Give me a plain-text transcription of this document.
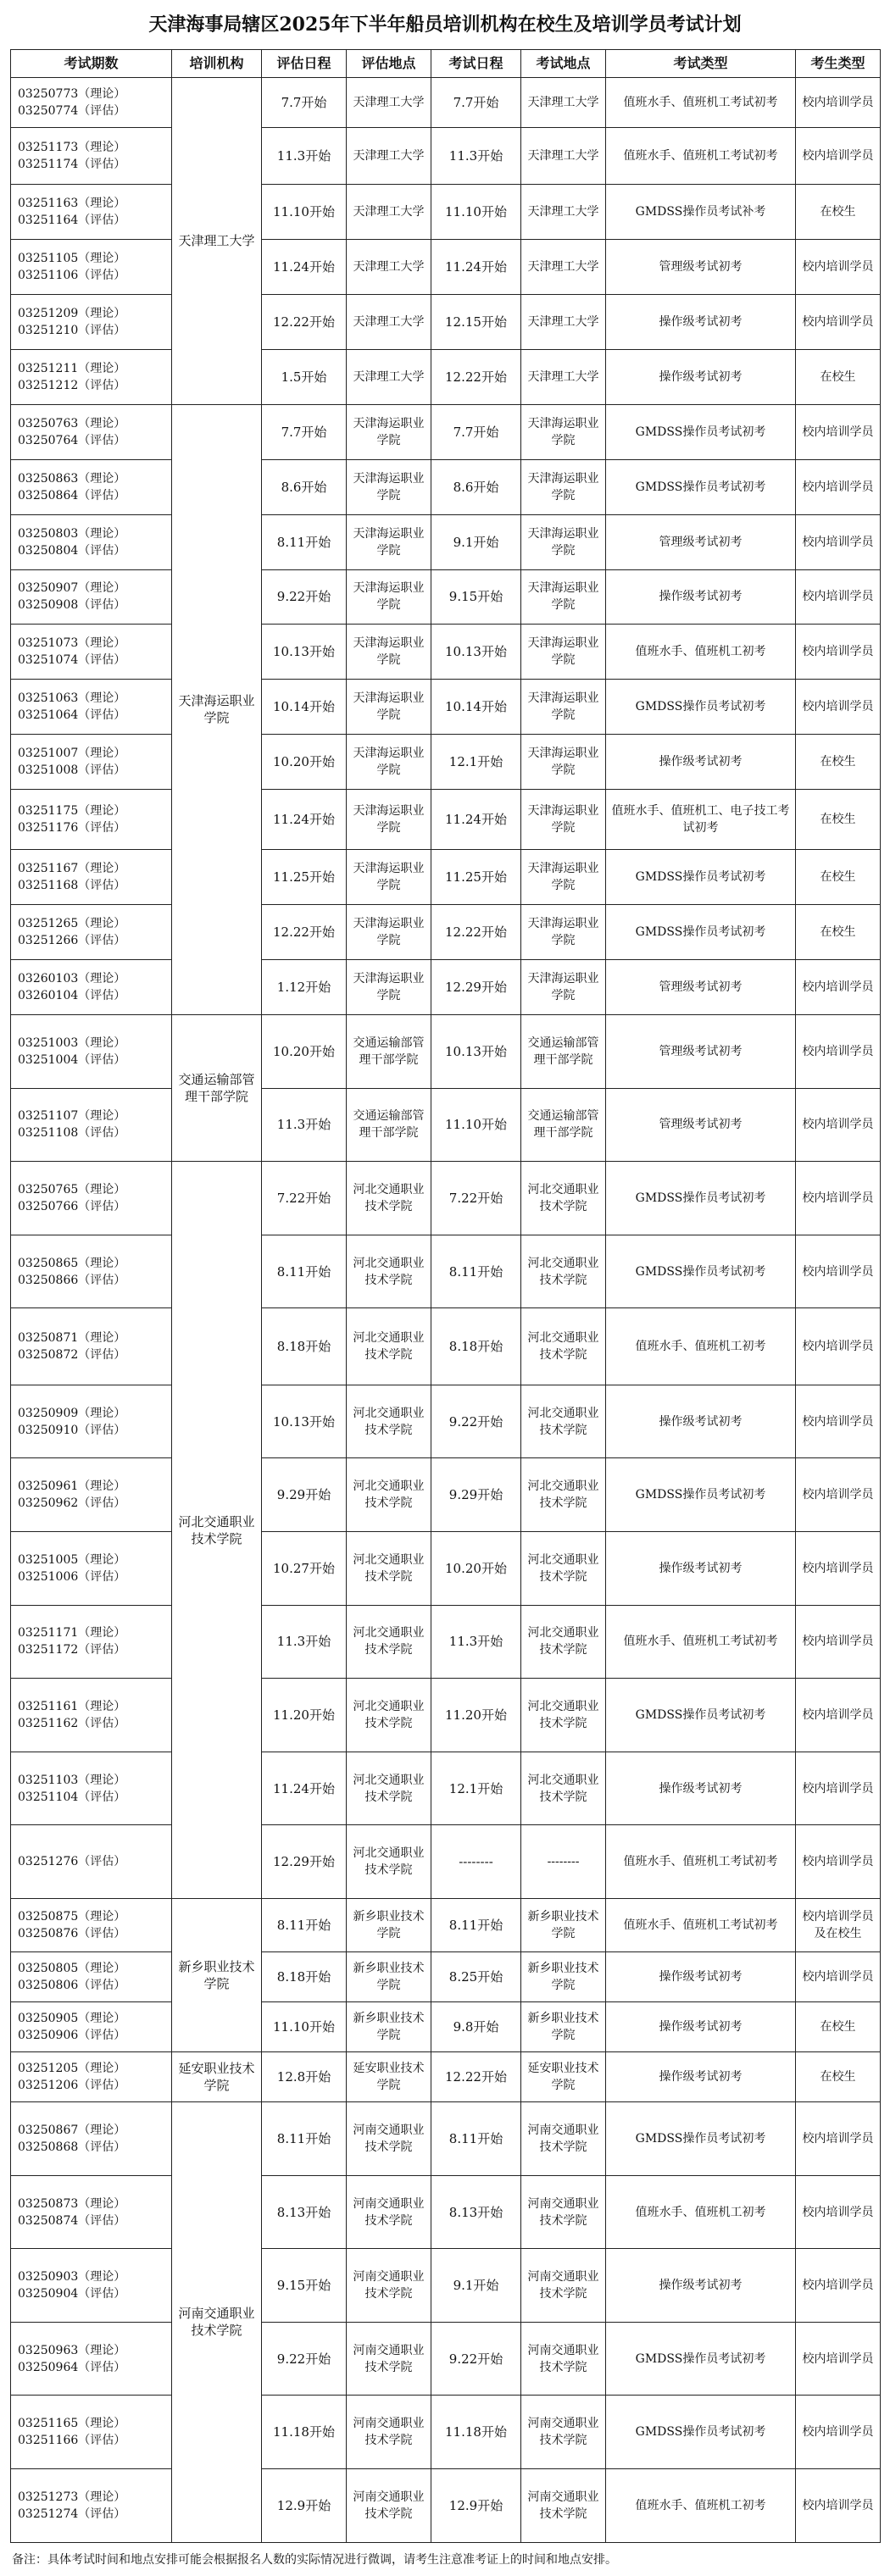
天津海事局辖区2025年下半年船员培训机构在校生及培训学员考试计划
考试期数	培训机构	评估日程	评估地点	考试日程	考试地点	考试类型	考生类型

03250773（理论）
03250774（评估）	天津理工大学	7.7开始	天津理工大学	7.7开始	天津理工大学	值班水手、值班机工考试初考	校内培训学员

03251173（理论）
03251174（评估）		11.3开始	天津理工大学	11.3开始	天津理工大学	值班水手、值班机工考试初考	校内培训学员

03251163（理论）
03251164（评估）		11.10开始	天津理工大学	11.10开始	天津理工大学	GMDSS操作员考试补考	在校生

03251105（理论）
03251106（评估）		11.24开始	天津理工大学	11.24开始	天津理工大学	管理级考试初考	校内培训学员

03251209（理论）
03251210（评估）		12.22开始	天津理工大学	12.15开始	天津理工大学	操作级考试初考	校内培训学员

03251211（理论）
03251212（评估）		1.5开始	天津理工大学	12.22开始	天津理工大学	操作级考试初考	在校生

03250763（理论）
03250764（评估）	天津海运职业学院	7.7开始	天津海运职业学院	7.7开始	天津海运职业学院	GMDSS操作员考试初考	校内培训学员

03250863（理论）
03250864（评估）		8.6开始	天津海运职业学院	8.6开始	天津海运职业学院	GMDSS操作员考试初考	校内培训学员

03250803（理论）
03250804（评估）		8.11开始	天津海运职业学院	9.1开始	天津海运职业学院	管理级考试初考	校内培训学员

03250907（理论）
03250908（评估）		9.22开始	天津海运职业学院	9.15开始	天津海运职业学院	操作级考试初考	校内培训学员

03251073（理论）
03251074（评估）		10.13开始	天津海运职业学院	10.13开始	天津海运职业学院	值班水手、值班机工初考	校内培训学员

03251063（理论）
03251064（评估）		10.14开始	天津海运职业学院	10.14开始	天津海运职业学院	GMDSS操作员考试初考	校内培训学员

03251007（理论）
03251008（评估）		10.20开始	天津海运职业学院	12.1开始	天津海运职业学院	操作级考试初考	在校生

03251175（理论）
03251176（评估）		11.24开始	天津海运职业学院	11.24开始	天津海运职业学院	值班水手、值班机工、电子技工考试初考	在校生

03251167（理论）
03251168（评估）		11.25开始	天津海运职业学院	11.25开始	天津海运职业学院	GMDSS操作员考试初考	在校生

03251265（理论）
03251266（评估）		12.22开始	天津海运职业学院	12.22开始	天津海运职业学院	GMDSS操作员考试初考	在校生

03260103（理论）
03260104（评估）		1.12开始	天津海运职业学院	12.29开始	天津海运职业学院	管理级考试初考	校内培训学员

03251003（理论）
03251004（评估）	交通运输部管理干部学院	10.20开始	交通运输部管理干部学院	10.13开始	交通运输部管理干部学院	管理级考试初考	校内培训学员

03251107（理论）
03251108（评估）		11.3开始	交通运输部管理干部学院	11.10开始	交通运输部管理干部学院	管理级考试初考	校内培训学员

03250765（理论）
03250766（评估）	河北交通职业技术学院	7.22开始	河北交通职业技术学院	7.22开始	河北交通职业技术学院	GMDSS操作员考试初考	校内培训学员

03250865（理论）
03250866（评估）		8.11开始	河北交通职业技术学院	8.11开始	河北交通职业技术学院	GMDSS操作员考试初考	校内培训学员

03250871（理论）
03250872（评估）		8.18开始	河北交通职业技术学院	8.18开始	河北交通职业技术学院	值班水手、值班机工初考	校内培训学员

03250909（理论）
03250910（评估）		10.13开始	河北交通职业技术学院	9.22开始	河北交通职业技术学院	操作级考试初考	校内培训学员

03250961（理论）
03250962（评估）		9.29开始	河北交通职业技术学院	9.29开始	河北交通职业技术学院	GMDSS操作员考试初考	校内培训学员

03251005（理论）
03251006（评估）		10.27开始	河北交通职业技术学院	10.20开始	河北交通职业技术学院	操作级考试初考	校内培训学员

03251171（理论）
03251172（评估）		11.3开始	河北交通职业技术学院	11.3开始	河北交通职业技术学院	值班水手、值班机工考试初考	校内培训学员

03251161（理论）
03251162（评估）		11.20开始	河北交通职业技术学院	11.20开始	河北交通职业技术学院	GMDSS操作员考试初考	校内培训学员

03251103（理论）
03251104（评估）		11.24开始	河北交通职业技术学院	12.1开始	河北交通职业技术学院	操作级考试初考	校内培训学员

03251276（评估）		12.29开始	河北交通职业技术学院	--------	--------	值班水手、值班机工考试初考	校内培训学员

03250875（理论）
03250876（评估）	新乡职业技术学院	8.11开始	新乡职业技术学院	8.11开始	新乡职业技术学院	值班水手、值班机工考试初考	校内培训学员及在校生

03250805（理论）
03250806（评估）		8.18开始	新乡职业技术学院	8.25开始	新乡职业技术学院	操作级考试初考	校内培训学员

03250905（理论）
03250906（评估）		11.10开始	新乡职业技术学院	9.8开始	新乡职业技术学院	操作级考试初考	在校生

03251205（理论）
03251206（评估）	延安职业技术学院	12.8开始	延安职业技术学院	12.22开始	延安职业技术学院	操作级考试初考	在校生

03250867（理论）
03250868（评估）	河南交通职业技术学院	8.11开始	河南交通职业技术学院	8.11开始	河南交通职业技术学院	GMDSS操作员考试初考	校内培训学员

03250873（理论）
03250874（评估）		8.13开始	河南交通职业技术学院	8.13开始	河南交通职业技术学院	值班水手、值班机工初考	校内培训学员

03250903（理论）
03250904（评估）		9.15开始	河南交通职业技术学院	9.1开始	河南交通职业技术学院	操作级考试初考	校内培训学员

03250963（理论）
03250964（评估）		9.22开始	河南交通职业技术学院	9.22开始	河南交通职业技术学院	GMDSS操作员考试初考	校内培训学员

03251165（理论）
03251166（评估）		11.18开始	河南交通职业技术学院	11.18开始	河南交通职业技术学院	GMDSS操作员考试初考	校内培训学员

03251273（理论）
03251274（评估）		12.9开始	河南交通职业技术学院	12.9开始	河南交通职业技术学院	值班水手、值班机工初考	校内培训学员
备注：具体考试时间和地点安排可能会根据报名人数的实际情况进行微调，请考生注意准考证上的时间和地点安排。
